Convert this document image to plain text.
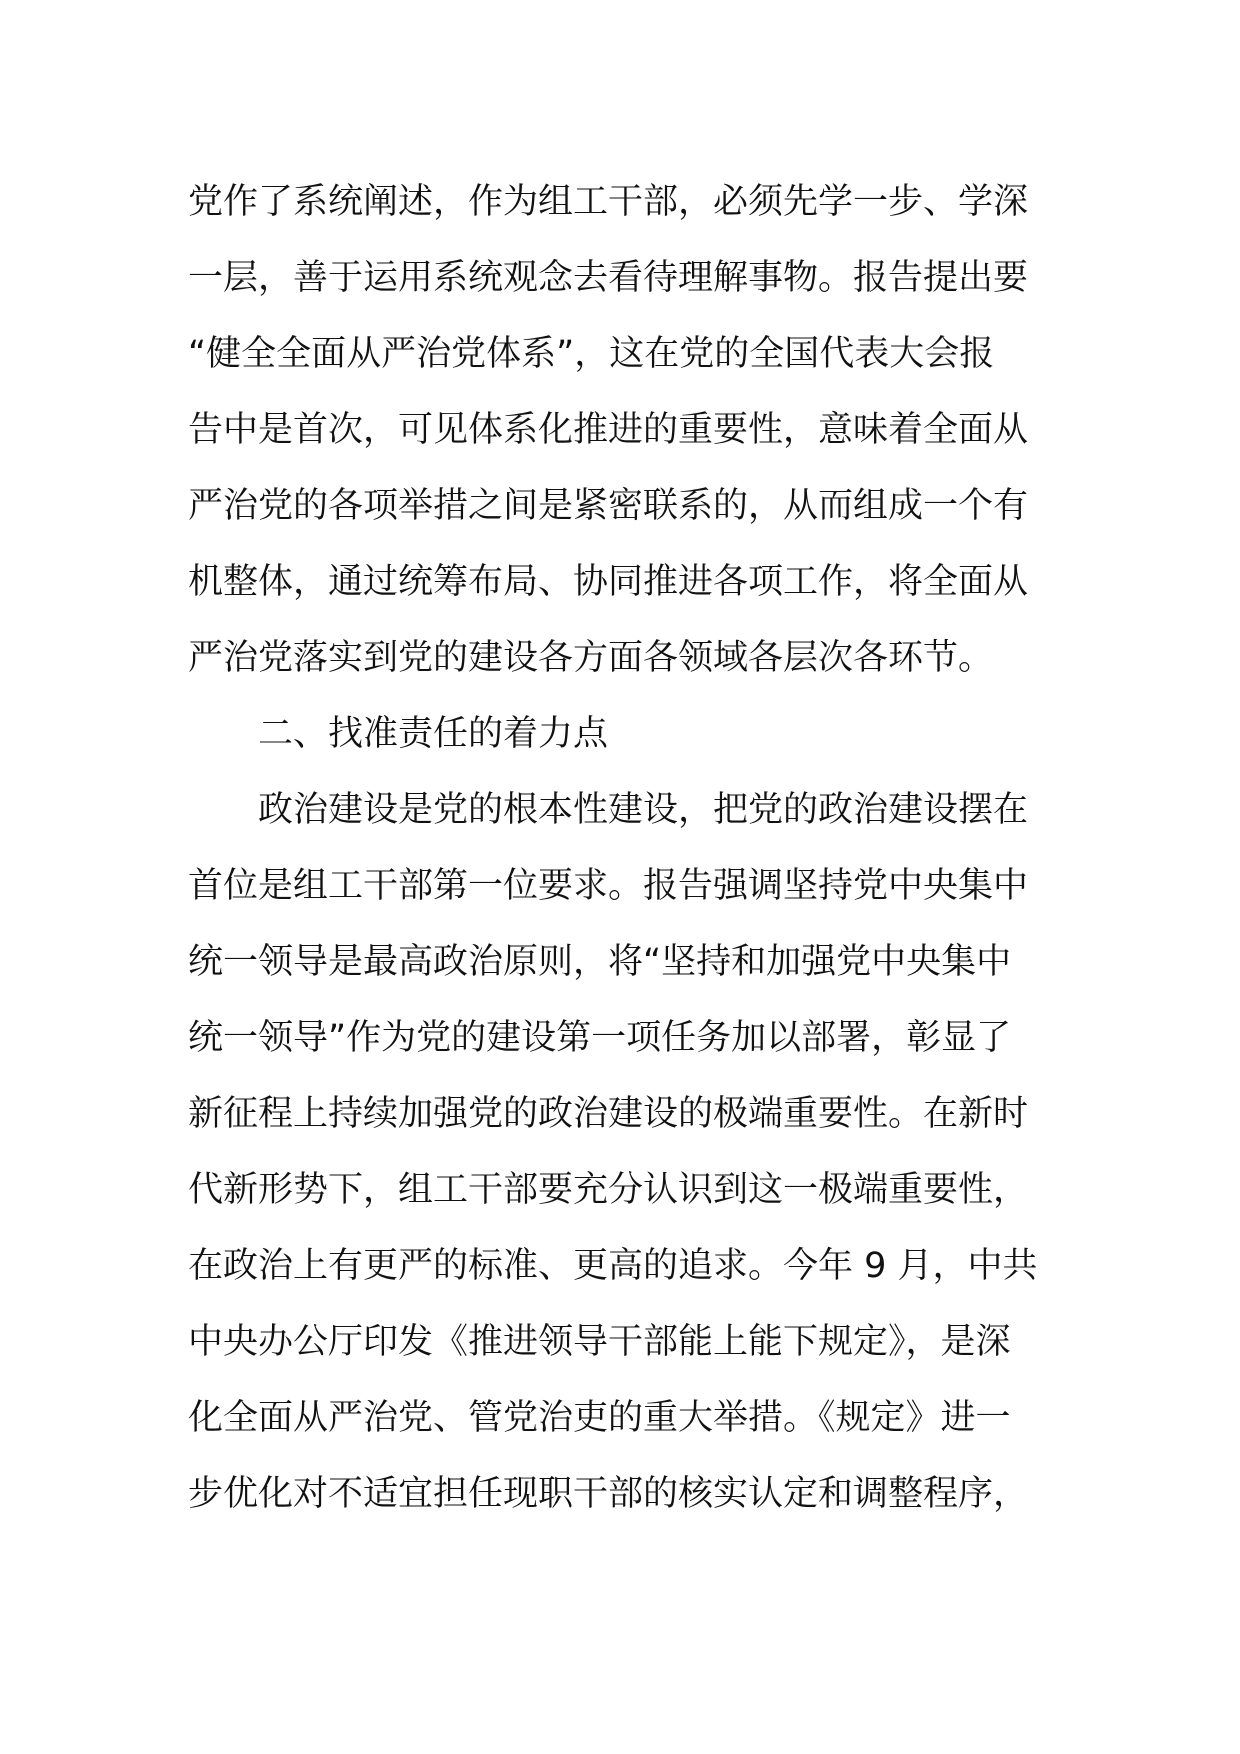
党作了系统阐述，作为组工干部，必须先学一步、学深
一层，善于运用系统观念去看待理解事物。报告提出要
“健全全面从严治党体系”，这在党的全国代表大会报
告中是首次，可见体系化推进的重要性，意味着全面从
严治党的各项举措之间是紧密联系的，从而组成一个有
机整体，通过统筹布局、协同推进各项工作，将全面从
严治党落实到党的建设各方面各领域各层次各环节。
二、找准责任的着力点
政治建设是党的根本性建设，把党的政治建设摆在
首位是组工干部第一位要求。报告强调坚持党中央集中
统一领导是最高政治原则，将“坚持和加强党中央集中
统一领导”作为党的建设第一项任务加以部署，彰显了
新征程上持续加强党的政治建设的极端重要性。在新时
代新形势下，组工干部要充分认识到这一极端重要性，
在政治上有更严的标准、更高的追求。今年 9 月，中共
中央办公厅印发《推进领导干部能上能下规定》，是深
化全面从严治党、管党治吏的重大举措。《规定》进一
步优化对不适宜担任现职干部的核实认定和调整程序，
